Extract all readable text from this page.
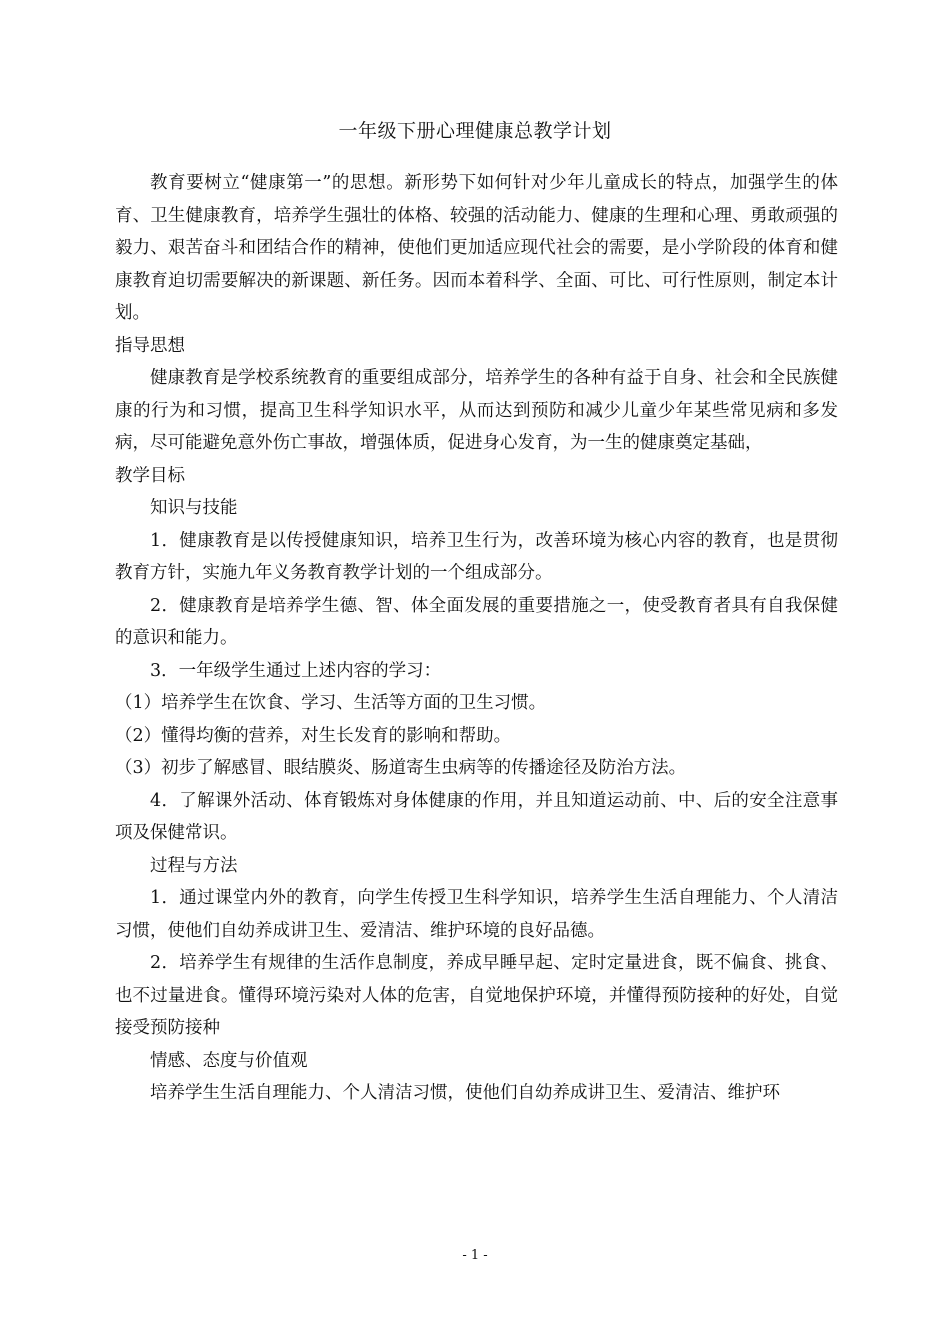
一年级下册心理健康总教学计划

教育要树立“健康第一”的思想。新形势下如何针对少年儿童成长的特点，加强学生的体育、卫生健康教育，培养学生强壮的体格、较强的活动能力、健康的生理和心理、勇敢顽强的毅力、艰苦奋斗和团结合作的精神，使他们更加适应现代社会的需要，是小学阶段的体育和健康教育迫切需要解决的新课题、新任务。因而本着科学、全面、可比、可行性原则，制定本计划。

指导思想

健康教育是学校系统教育的重要组成部分，培养学生的各种有益于自身、社会和全民族健康的行为和习惯，提高卫生科学知识水平，从而达到预防和减少儿童少年某些常见病和多发病，尽可能避免意外伤亡事故，增强体质，促进身心发育，为一生的健康奠定基础，

教学目标

知识与技能

1．健康教育是以传授健康知识，培养卫生行为，改善环境为核心内容的教育，也是贯彻教育方针，实施九年义务教育教学计划的一个组成部分。

2．健康教育是培养学生德、智、体全面发展的重要措施之一，使受教育者具有自我保健的意识和能力。

3．一年级学生通过上述内容的学习：

（1）培养学生在饮食、学习、生活等方面的卫生习惯。

（2）懂得均衡的营养，对生长发育的影响和帮助。

（3）初步了解感冒、眼结膜炎、肠道寄生虫病等的传播途径及防治方法。

4．了解课外活动、体育锻炼对身体健康的作用，并且知道运动前、中、后的安全注意事项及保健常识。

过程与方法

1．通过课堂内外的教育，向学生传授卫生科学知识，培养学生生活自理能力、个人清洁习惯，使他们自幼养成讲卫生、爱清洁、维护环境的良好品德。

2．培养学生有规律的生活作息制度，养成早睡早起、定时定量进食，既不偏食、挑食、也不过量进食。懂得环境污染对人体的危害，自觉地保护环境，并懂得预防接种的好处，自觉接受预防接种

情感、态度与价值观

培养学生生活自理能力、个人清洁习惯，使他们自幼养成讲卫生、爱清洁、维护环

- 1 -
